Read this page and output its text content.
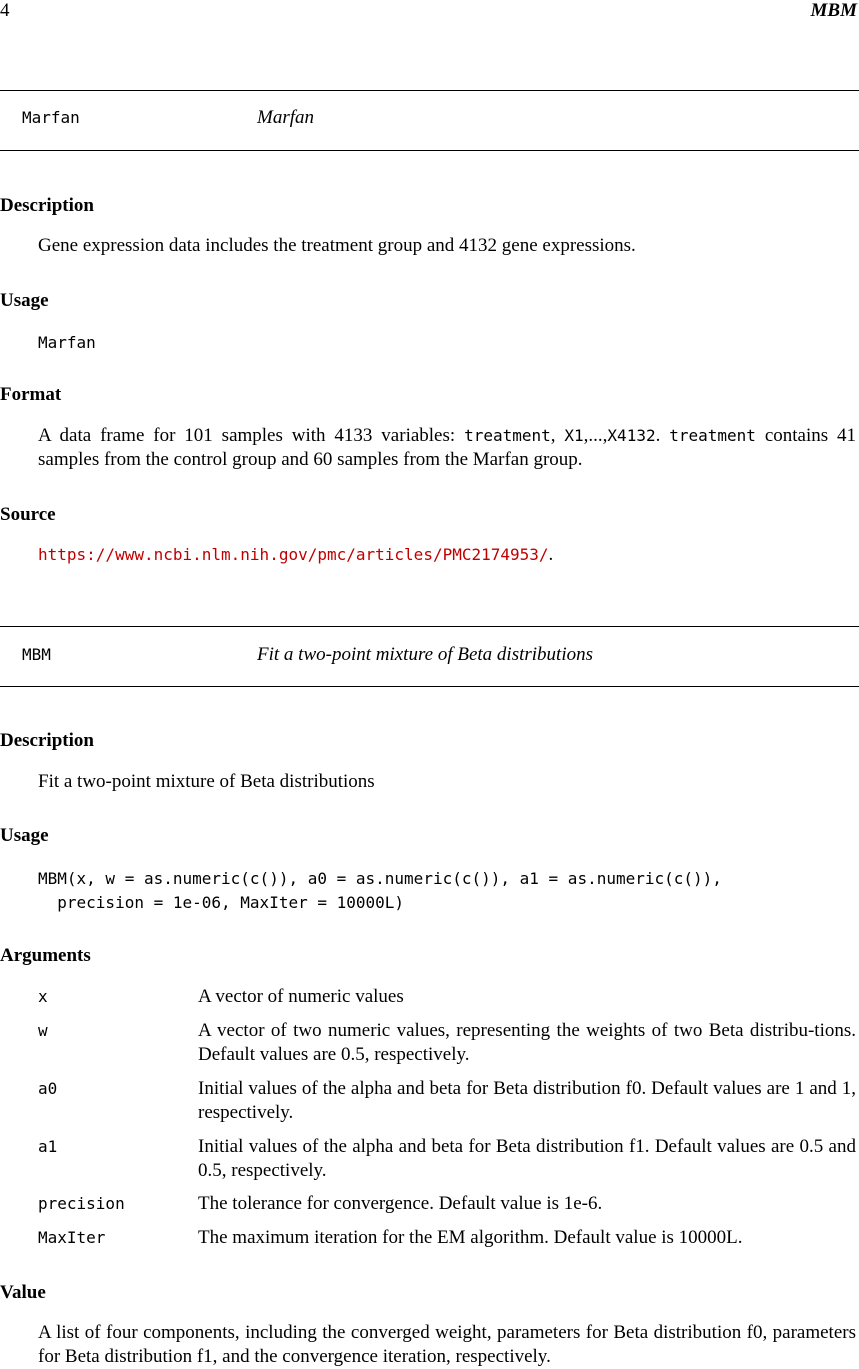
4	MBM
Marfan	Marfan
Description
Gene expression data includes the treatment group and 4132 gene expressions.
Usage
Marfan
Format
A data frame for 101 samples with 4133 variables: treatment, X1,...,X4132. treatment contains 41 samples from the control group and 60 samples from the Marfan group.
Source
https://www.ncbi.nlm.nih.gov/pmc/articles/PMC2174953/.
MBM	Fit a two-point mixture of Beta distributions
Description
Fit a two-point mixture of Beta distributions
Usage
MBM(x, w = as.numeric(c()), a0 = as.numeric(c()), a1 = as.numeric(c()),
precision = 1e-06, MaxIter = 10000L)
Arguments
x	A vector of numeric values
w	A vector of two numeric values, representing the weights of two Beta distribu-tions. Default values are 0.5, respectively.
a0	Initial values of the alpha and beta for Beta distribution f0. Default values are 1 and 1, respectively.
a1	Initial values of the alpha and beta for Beta distribution f1. Default values are 0.5 and 0.5, respectively.
precision	The tolerance for convergence. Default value is 1e-6.
MaxIter	The maximum iteration for the EM algorithm. Default value is 10000L.
Value
A list of four components, including the converged weight, parameters for Beta distribution f0, parameters for Beta distribution f1, and the convergence iteration, respectively.
